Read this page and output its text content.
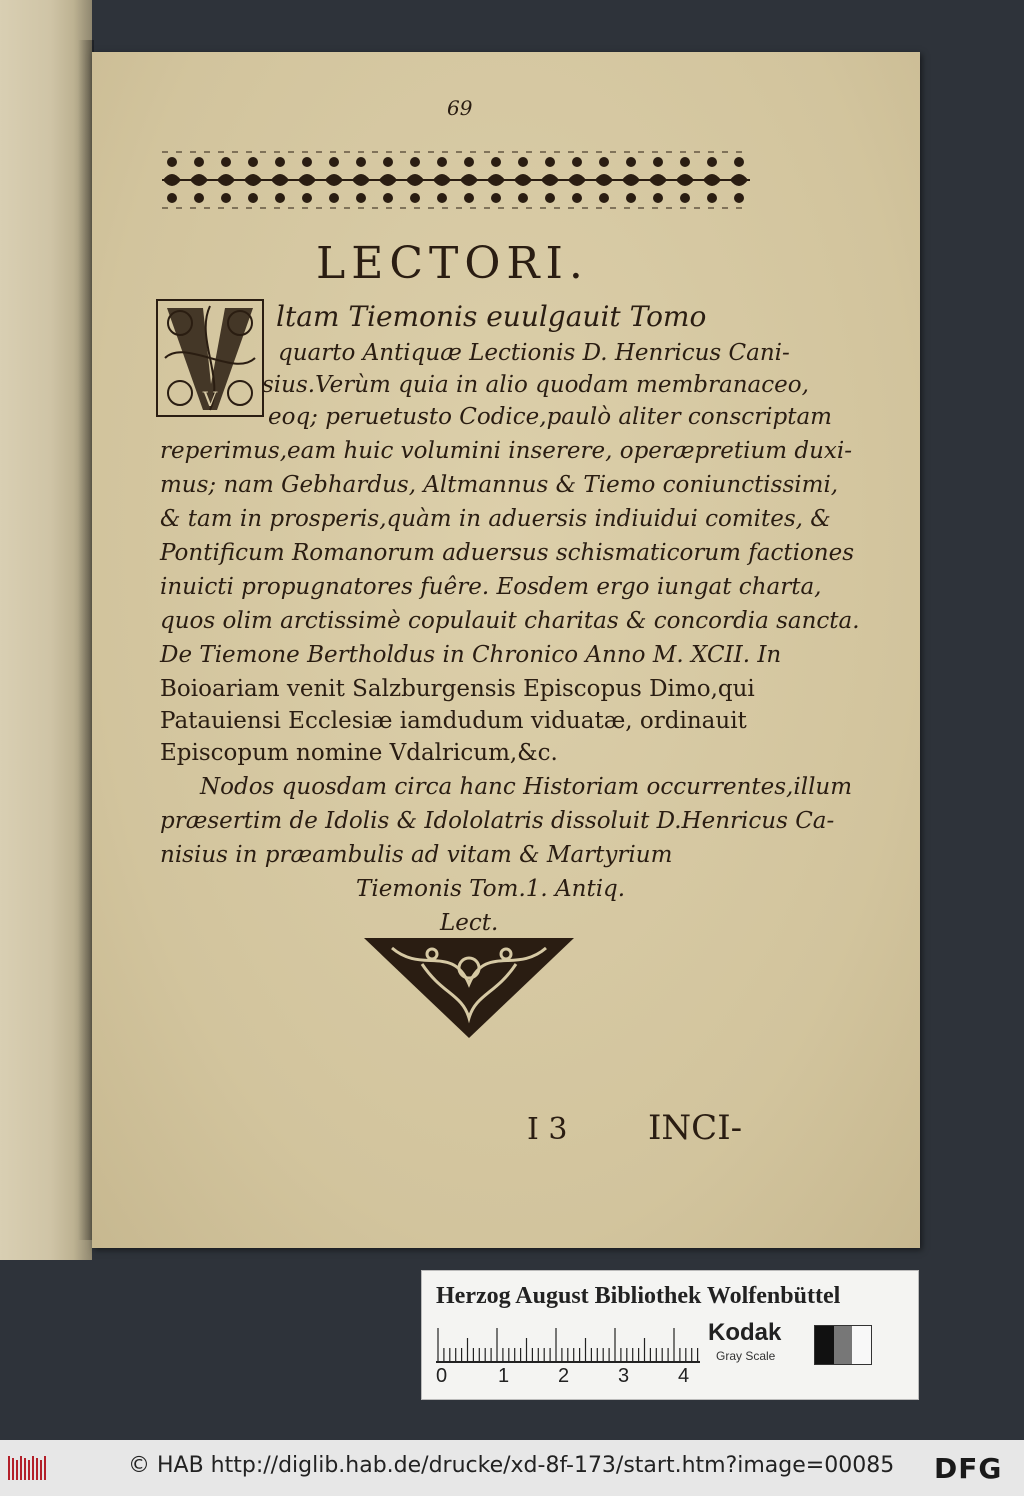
69
LECTORI.
V
ltam Tiemonis euulgauit Tomo
quarto Antiquæ Lectionis D. Henricus Cani-
sius.Verùm quia in alio quodam membranaceo,
eoq; peruetusto Codice,paulò aliter conscriptam
reperimus,eam huic volumini inserere, operæpretium duxi-
mus; nam Gebhardus, Altmannus & Tiemo coniunctissimi,
& tam in prosperis,quàm in aduersis indiuidui comites, &
Pontificum Romanorum aduersus schismaticorum factiones
inuicti propugnatores fuêre. Eosdem ergo iungat charta,
quos olim arctissimè copulauit charitas & concordia sancta.
De Tiemone Bertholdus in Chronico Anno M. XCII. In
Boioariam venit Salzburgensis Episcopus Dimo,qui
Patauiensi Ecclesiæ iamdudum viduatæ, ordinauit
Episcopum nomine Vdalricum,&c.
Nodos quosdam circa hanc Historiam occurrentes,illum
præsertim de Idolis & Idololatris dissoluit D.Henricus Ca-
nisius in præambulis ad vitam & Martyrium
Tiemonis Tom.1. Antiq.
Lect.
I 3 INCI-
Herzog August Bibliothek Wolfenbüttel
0	1 2 3 4
Kodak
Gray Scale
© HAB http://diglib.hab.de/drucke/xd-8f-173/start.htm?image=00085 DFG
